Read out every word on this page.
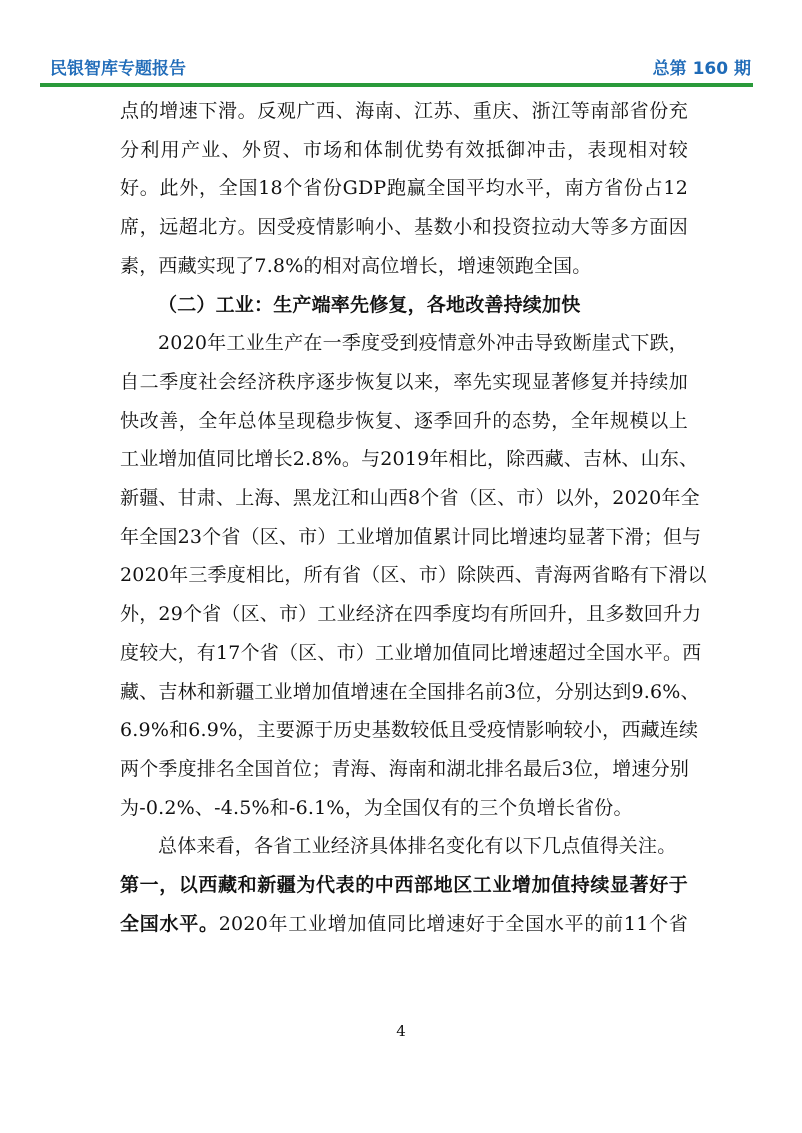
民银智库专题报告	总第 160 期

点的增速下滑。反观广西、海南、江苏、重庆、浙江等南部省份充

分利用产业、外贸、市场和体制优势有效抵御冲击，表现相对较

好。此外，全国18个省份GDP跑赢全国平均水平，南方省份占12

席，远超北方。因受疫情影响小、基数小和投资拉动大等多方面因

素，西藏实现了7.8%的相对高位增长，增速领跑全国。

（二）工业：生产端率先修复，各地改善持续加快

2020年工业生产在一季度受到疫情意外冲击导致断崖式下跌，

自二季度社会经济秩序逐步恢复以来，率先实现显著修复并持续加

快改善，全年总体呈现稳步恢复、逐季回升的态势，全年规模以上

工业增加值同比增长2.8%。与2019年相比，除西藏、吉林、山东、

新疆、甘肃、上海、黑龙江和山西8个省（区、市）以外，2020年全

年全国23个省（区、市）工业增加值累计同比增速均显著下滑；但与

2020年三季度相比，所有省（区、市）除陕西、青海两省略有下滑以

外，29个省（区、市）工业经济在四季度均有所回升，且多数回升力

度较大，有17个省（区、市）工业增加值同比增速超过全国水平。西

藏、吉林和新疆工业增加值增速在全国排名前3位，分别达到9.6%、

6.9%和6.9%，主要源于历史基数较低且受疫情影响较小，西藏连续

两个季度排名全国首位；青海、海南和湖北排名最后3位，增速分别

为-0.2%、-4.5%和-6.1%，为全国仅有的三个负增长省份。

总体来看，各省工业经济具体排名变化有以下几点值得关注。

第一，以西藏和新疆为代表的中西部地区工业增加值持续显著好于

全国水平。2020年工业增加值同比增速好于全国水平的前11个省

4
